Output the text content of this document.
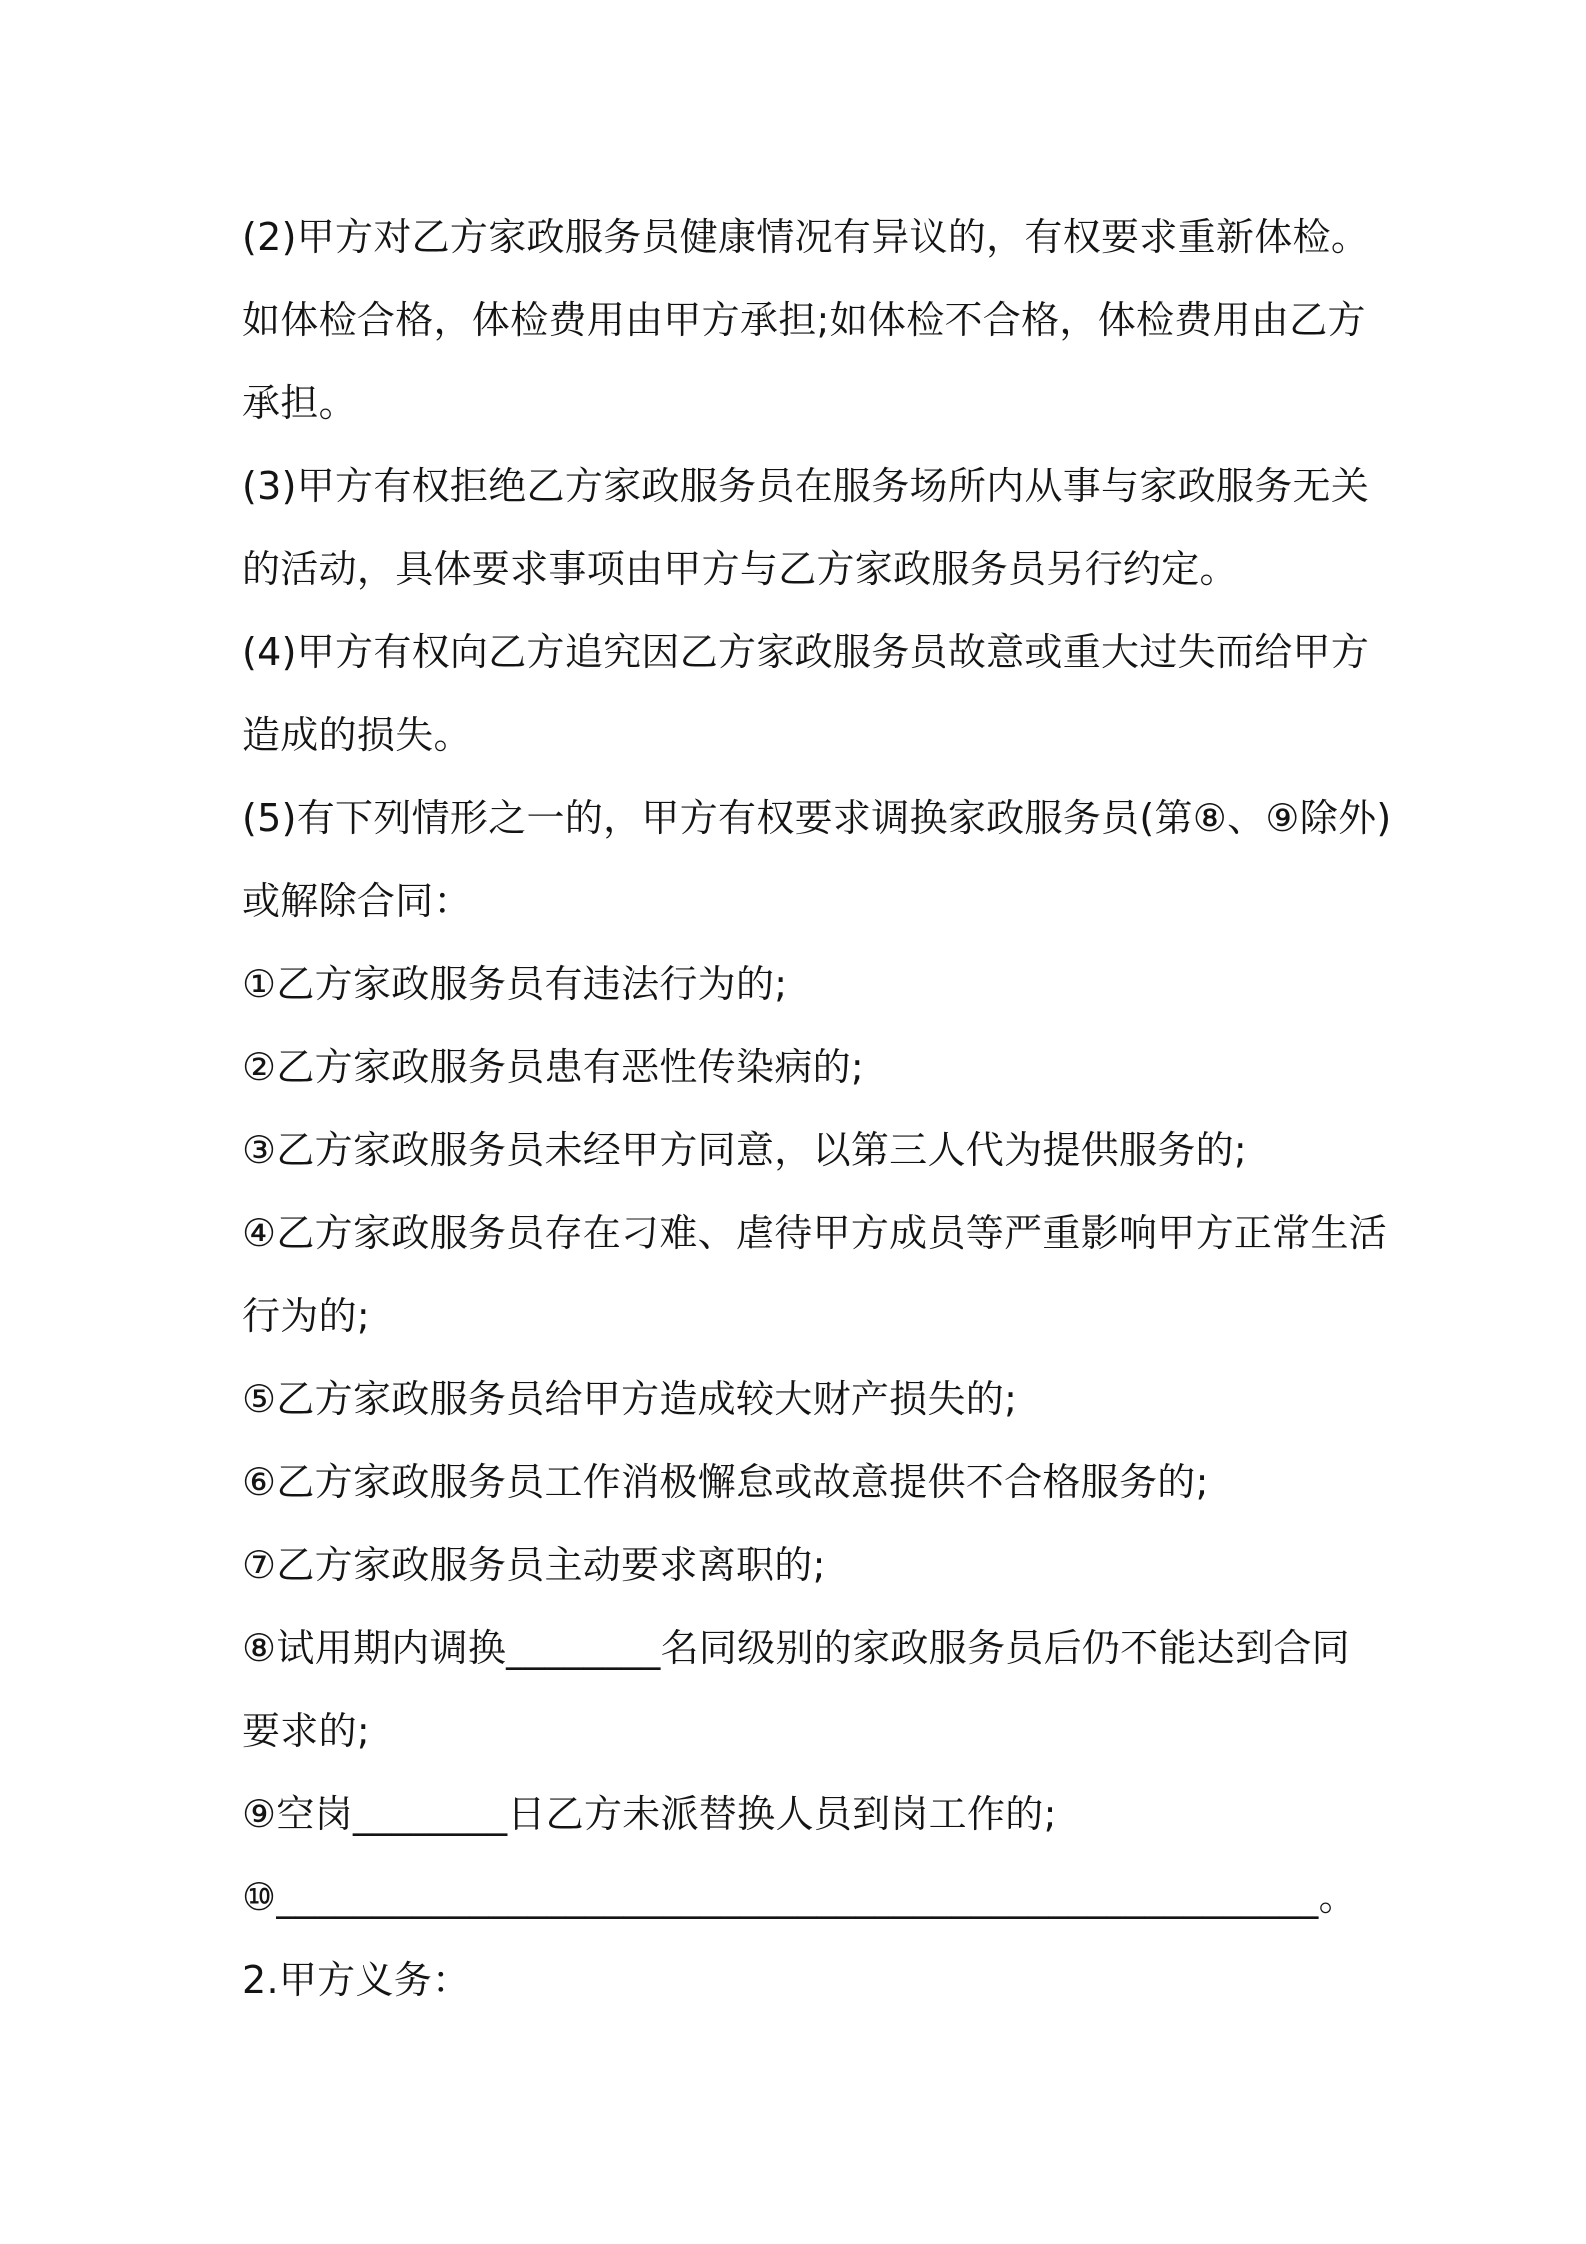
(2)甲方对乙方家政服务员健康情况有异议的，有权要求重新体检。
如体检合格，体检费用由甲方承担;如体检不合格，体检费用由乙方
承担。
(3)甲方有权拒绝乙方家政服务员在服务场所内从事与家政服务无关
的活动，具体要求事项由甲方与乙方家政服务员另行约定。
(4)甲方有权向乙方追究因乙方家政服务员故意或重大过失而给甲方
造成的损失。
(5)有下列情形之一的，甲方有权要求调换家政服务员(第⑧、⑨除外)
或解除合同：
①乙方家政服务员有违法行为的;
②乙方家政服务员患有恶性传染病的;
③乙方家政服务员未经甲方同意，以第三人代为提供服务的;
④乙方家政服务员存在刁难、虐待甲方成员等严重影响甲方正常生活
行为的;
⑤乙方家政服务员给甲方造成较大财产损失的;
⑥乙方家政服务员工作消极懈怠或故意提供不合格服务的;
⑦乙方家政服务员主动要求离职的;
⑧试用期内调换________名同级别的家政服务员后仍不能达到合同
要求的;
⑨空岗________日乙方未派替换人员到岗工作的;
⑩______________________________________________________。
2.甲方义务：
